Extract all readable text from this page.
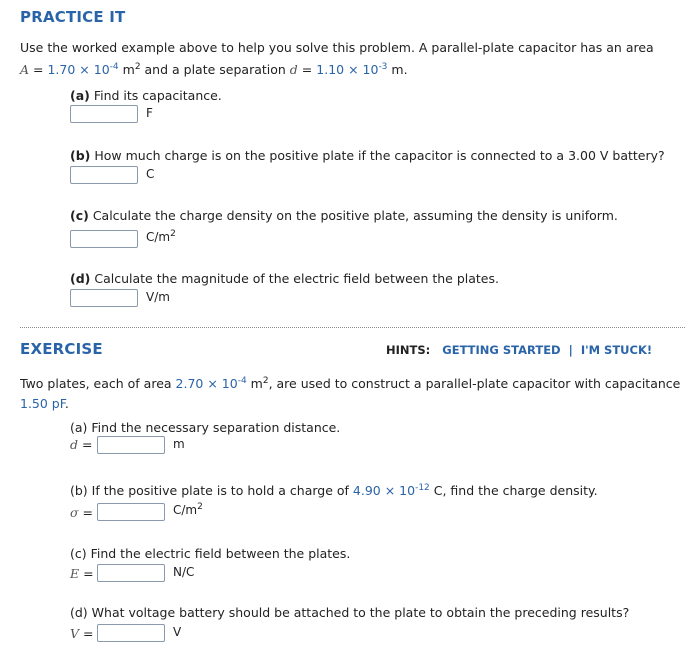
PRACTICE IT
Use the worked example above to help you solve this problem. A parallel-plate capacitor has an area
$A = 1.70 \times 10^{-4}$ $m^2$ and a plate separation $d = 1.10 \times 10^{-3}$ m.
(a) Find its capacitance.
F
(b) How much charge is on the positive plate if the capacitor is connected to a 3.00 V battery?
C
(c) Calculate the charge density on the positive plate, assuming the density is uniform.
$C/m^2$
(d) Calculate the magnitude of the electric field between the plates.
V/m
EXERCISE	HINTS: GETTING STARTED | I'M STUCK!
Two plates, each of area $2.70 \times 10^{-4}$ $m^2$, are used to construct a parallel-plate capacitor with capacitance
1.50 pF.
(a) Find the necessary separation distance.
d =	m
(b) If the positive plate is to hold a charge of $4.90 \times 10^{-12}$ C, find the charge density.
σ =	$C/m^2$
(c) Find the electric field between the plates.
E =	N/C
(d) What voltage battery should be attached to the plate to obtain the preceding results?
V =	V
